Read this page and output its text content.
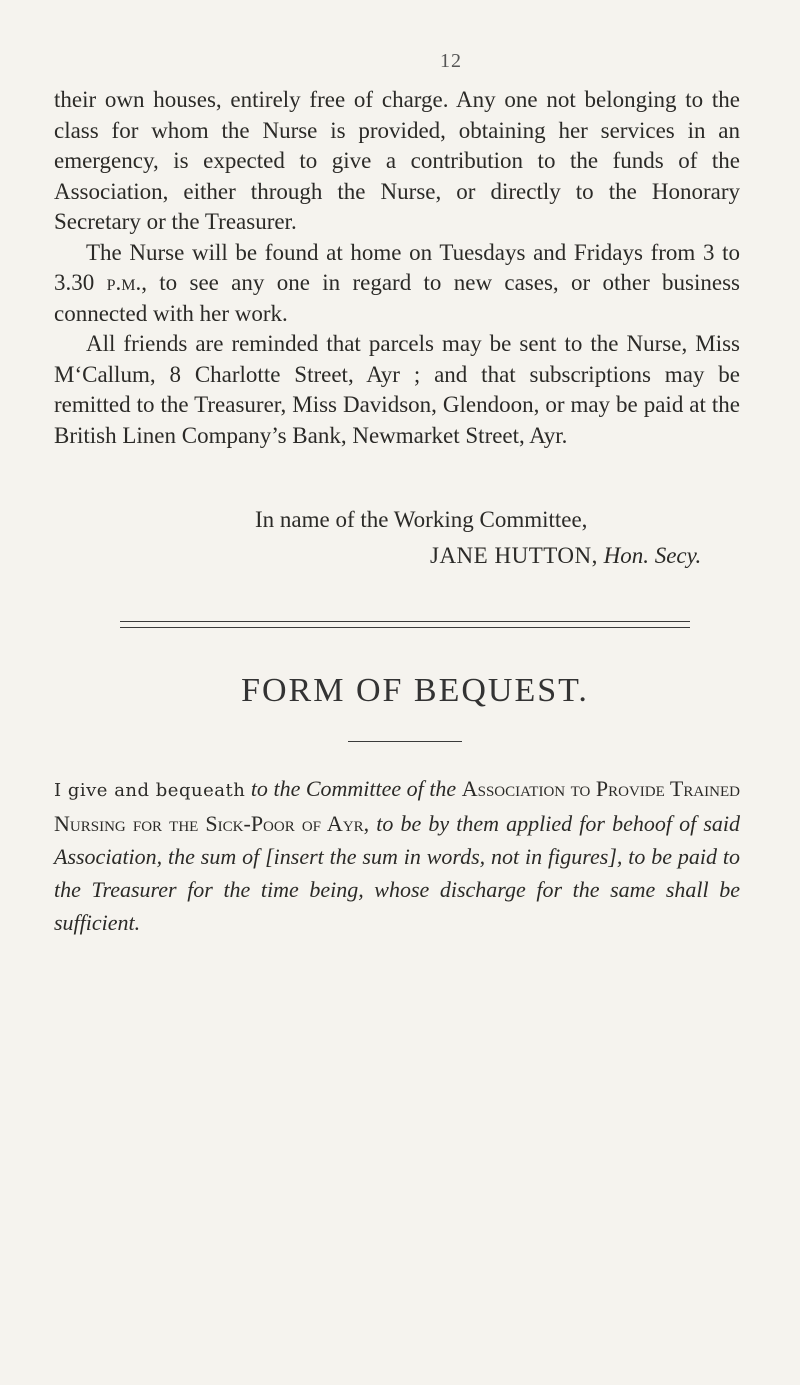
12

their own houses, entirely free of charge. Any one not belonging to the class for whom the Nurse is provided, obtaining her services in an emergency, is expected to give a contribution to the funds of the Association, either through the Nurse, or directly to the Honorary Secretary or the Treasurer.

The Nurse will be found at home on Tuesdays and Fridays from 3 to 3.30 p.m., to see any one in regard to new cases, or other business connected with her work.

All friends are reminded that parcels may be sent to the Nurse, Miss M‘Callum, 8 Charlotte Street, Ayr ; and that subscriptions may be remitted to the Treasurer, Miss Davidson, Glendoon, or may be paid at the British Linen Company’s Bank, Newmarket Street, Ayr.

In name of the Working Committee,
JANE HUTTON, Hon. Secy.
FORM OF BEQUEST.
I give and bequeath to the Committee of the Association to Provide Trained Nursing for the Sick-Poor of Ayr, to be by them applied for behoof of said Association, the sum of [insert the sum in words, not in figures], to be paid to the Treasurer for the time being, whose discharge for the same shall be sufficient.
